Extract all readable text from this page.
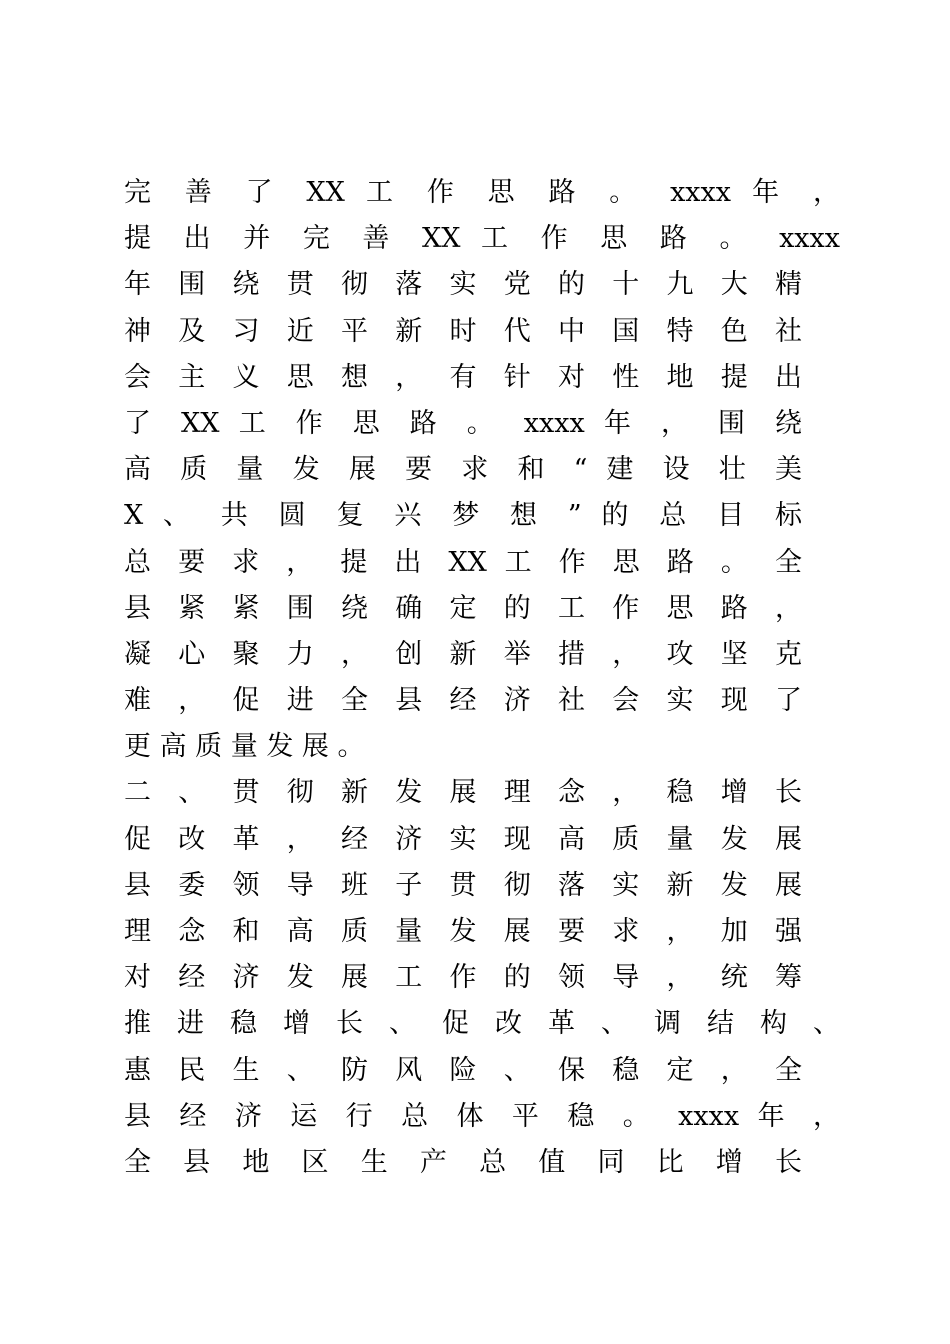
完 善 了 XX 工 作 思 路 。 xxxx 年 ，
提 出 并 完 善 XX 工 作 思 路 。 xxxx
年 围 绕 贯 彻 落 实 党 的 十 九 大 精
神 及 习 近 平 新 时 代 中 国 特 色 社
会 主 义 思 想 ， 有 针 对 性 地 提 出
了 XX 工 作 思 路 。 xxxx 年 ， 围 绕
高 质 量 发 展 要 求 和 “ 建 设 壮 美
X 、 共 圆 复 兴 梦 想 ” 的 总 目 标
总 要 求 ， 提 出 XX 工 作 思 路 。 全
县 紧 紧 围 绕 确 定 的 工 作 思 路 ，
凝 心 聚 力 ， 创 新 举 措 ， 攻 坚 克
难 ， 促 进 全 县 经 济 社 会 实 现 了
更 高 质 量 发 展 。
二 、 贯 彻 新 发 展 理 念 ， 稳 增 长
促 改 革 ， 经 济 实 现 高 质 量 发 展
县 委 领 导 班 子 贯 彻 落 实 新 发 展
理 念 和 高 质 量 发 展 要 求 ， 加 强
对 经 济 发 展 工 作 的 领 导 ， 统 筹
推 进 稳 增 长 、 促 改 革 、 调 结 构 、
惠 民 生 、 防 风 险 、 保 稳 定 ， 全
县 经 济 运 行 总 体 平 稳 。 xxxx 年 ，
全 县 地 区 生 产 总 值 同 比 增 长
